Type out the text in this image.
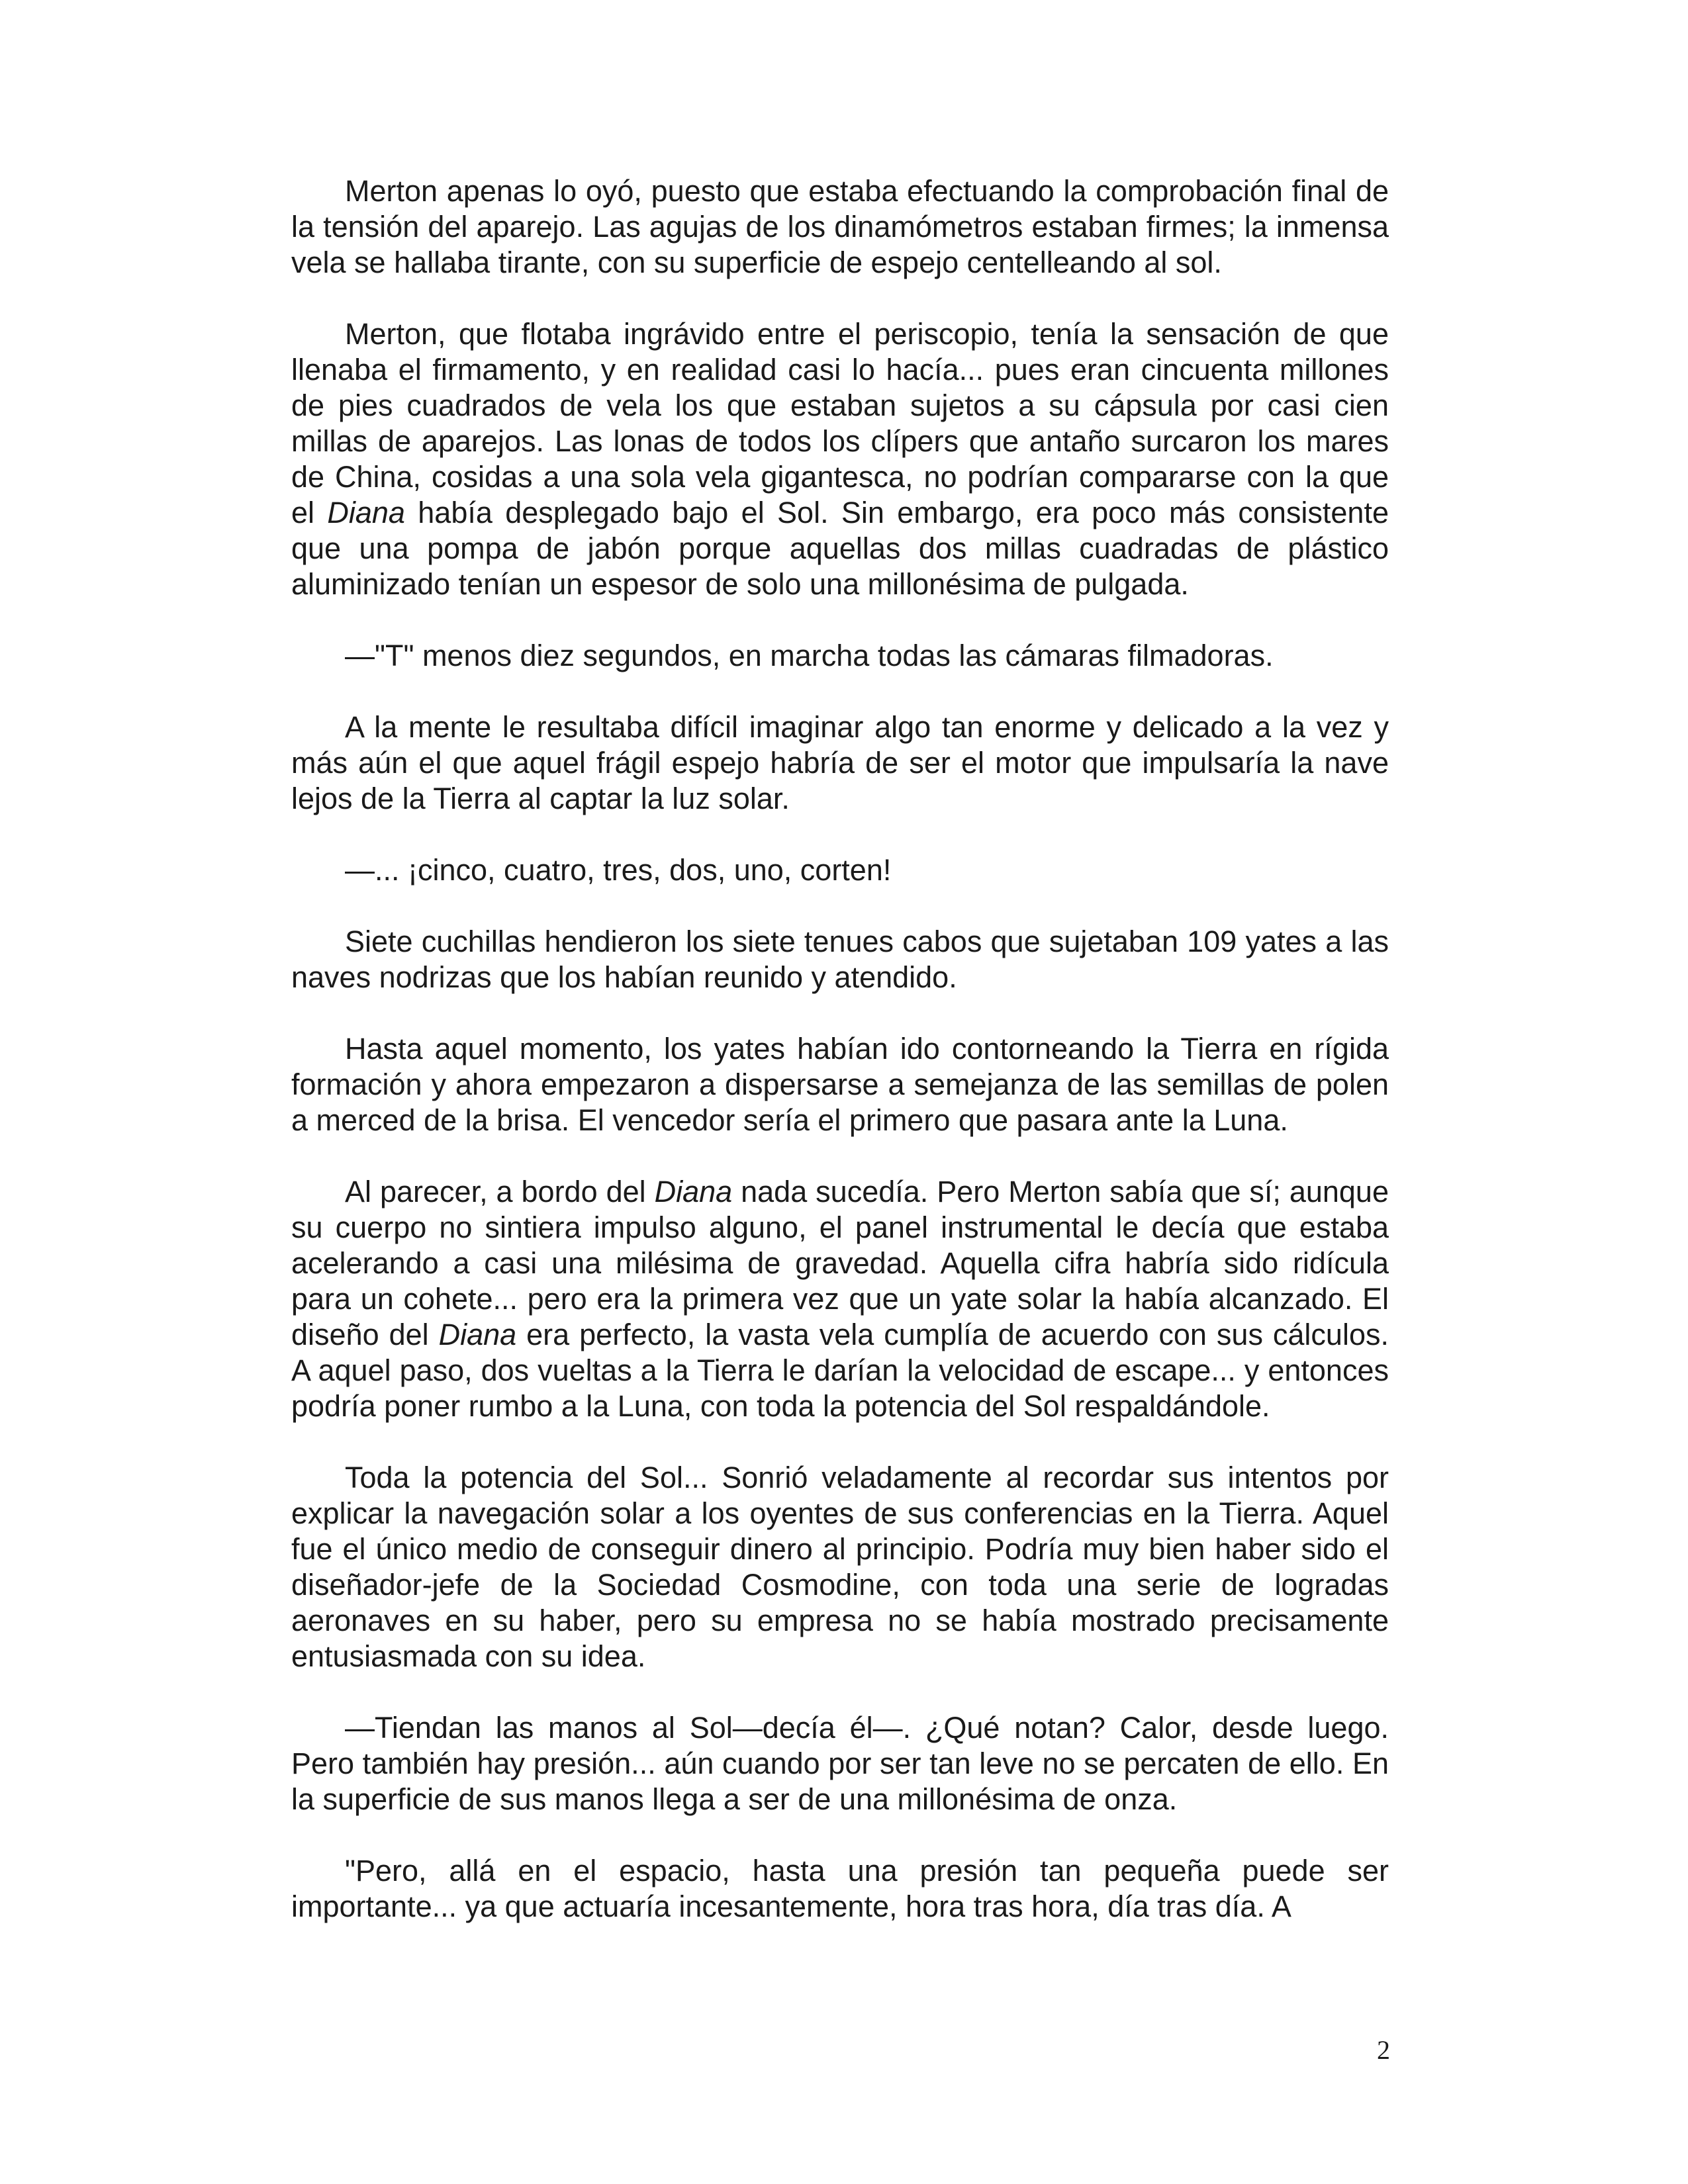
Merton apenas lo oyó, puesto que estaba efectuando la comprobación final de la tensión del aparejo. Las agujas de los dinamómetros estaban firmes; la inmensa vela se hallaba tirante, con su superficie de espejo centelleando al sol.

Merton, que flotaba ingrávido entre el periscopio, tenía la sensación de que llenaba el firmamento, y en realidad casi lo hacía... pues eran cincuenta millones de pies cuadrados de vela los que estaban sujetos a su cápsula por casi cien millas de aparejos. Las lonas de todos los clípers que antaño surcaron los mares de China, cosidas a una sola vela gigantesca, no podrían compararse con la que el Diana había desplegado bajo el Sol. Sin embargo, era poco más consistente que una pompa de jabón porque aquellas dos millas cuadradas de plástico aluminizado tenían un espesor de solo una millonésima de pulgada.

—"T" menos diez segundos, en marcha todas las cámaras filmadoras.

A la mente le resultaba difícil imaginar algo tan enorme y delicado a la vez y más aún el que aquel frágil espejo habría de ser el motor que impulsaría la nave lejos de la Tierra al captar la luz solar.

—... ¡cinco, cuatro, tres, dos, uno, corten!

Siete cuchillas hendieron los siete tenues cabos que sujetaban 109 yates a las naves nodrizas que los habían reunido y atendido.

Hasta aquel momento, los yates habían ido contorneando la Tierra en rígida formación y ahora empezaron a dispersarse a semejanza de las semillas de polen a merced de la brisa. El vencedor sería el primero que pasara ante la Luna.

Al parecer, a bordo del Diana nada sucedía. Pero Merton sabía que sí; aunque su cuerpo no sintiera impulso alguno, el panel instrumental le decía que estaba acelerando a casi una milésima de gravedad. Aquella cifra habría sido ridícula para un cohete... pero era la primera vez que un yate solar la había alcanzado. El diseño del Diana era perfecto, la vasta vela cumplía de acuerdo con sus cálculos. A aquel paso, dos vueltas a la Tierra le darían la velocidad de escape... y entonces podría poner rumbo a la Luna, con toda la potencia del Sol respaldándole.

Toda la potencia del Sol... Sonrió veladamente al recordar sus intentos por explicar la navegación solar a los oyentes de sus conferencias en la Tierra. Aquel fue el único medio de conseguir dinero al principio. Podría muy bien haber sido el diseñador-jefe de la Sociedad Cosmodine, con toda una serie de logradas aeronaves en su haber, pero su empresa no se había mostrado precisamente entusiasmada con su idea.

—Tiendan las manos al Sol—decía él—. ¿Qué notan? Calor, desde luego. Pero también hay presión... aún cuando por ser tan leve no se percaten de ello. En la superficie de sus manos llega a ser de una millonésima de onza.

"Pero, allá en el espacio, hasta una presión tan pequeña puede ser importante... ya que actuaría incesantemente, hora tras hora, día tras día. A

2
